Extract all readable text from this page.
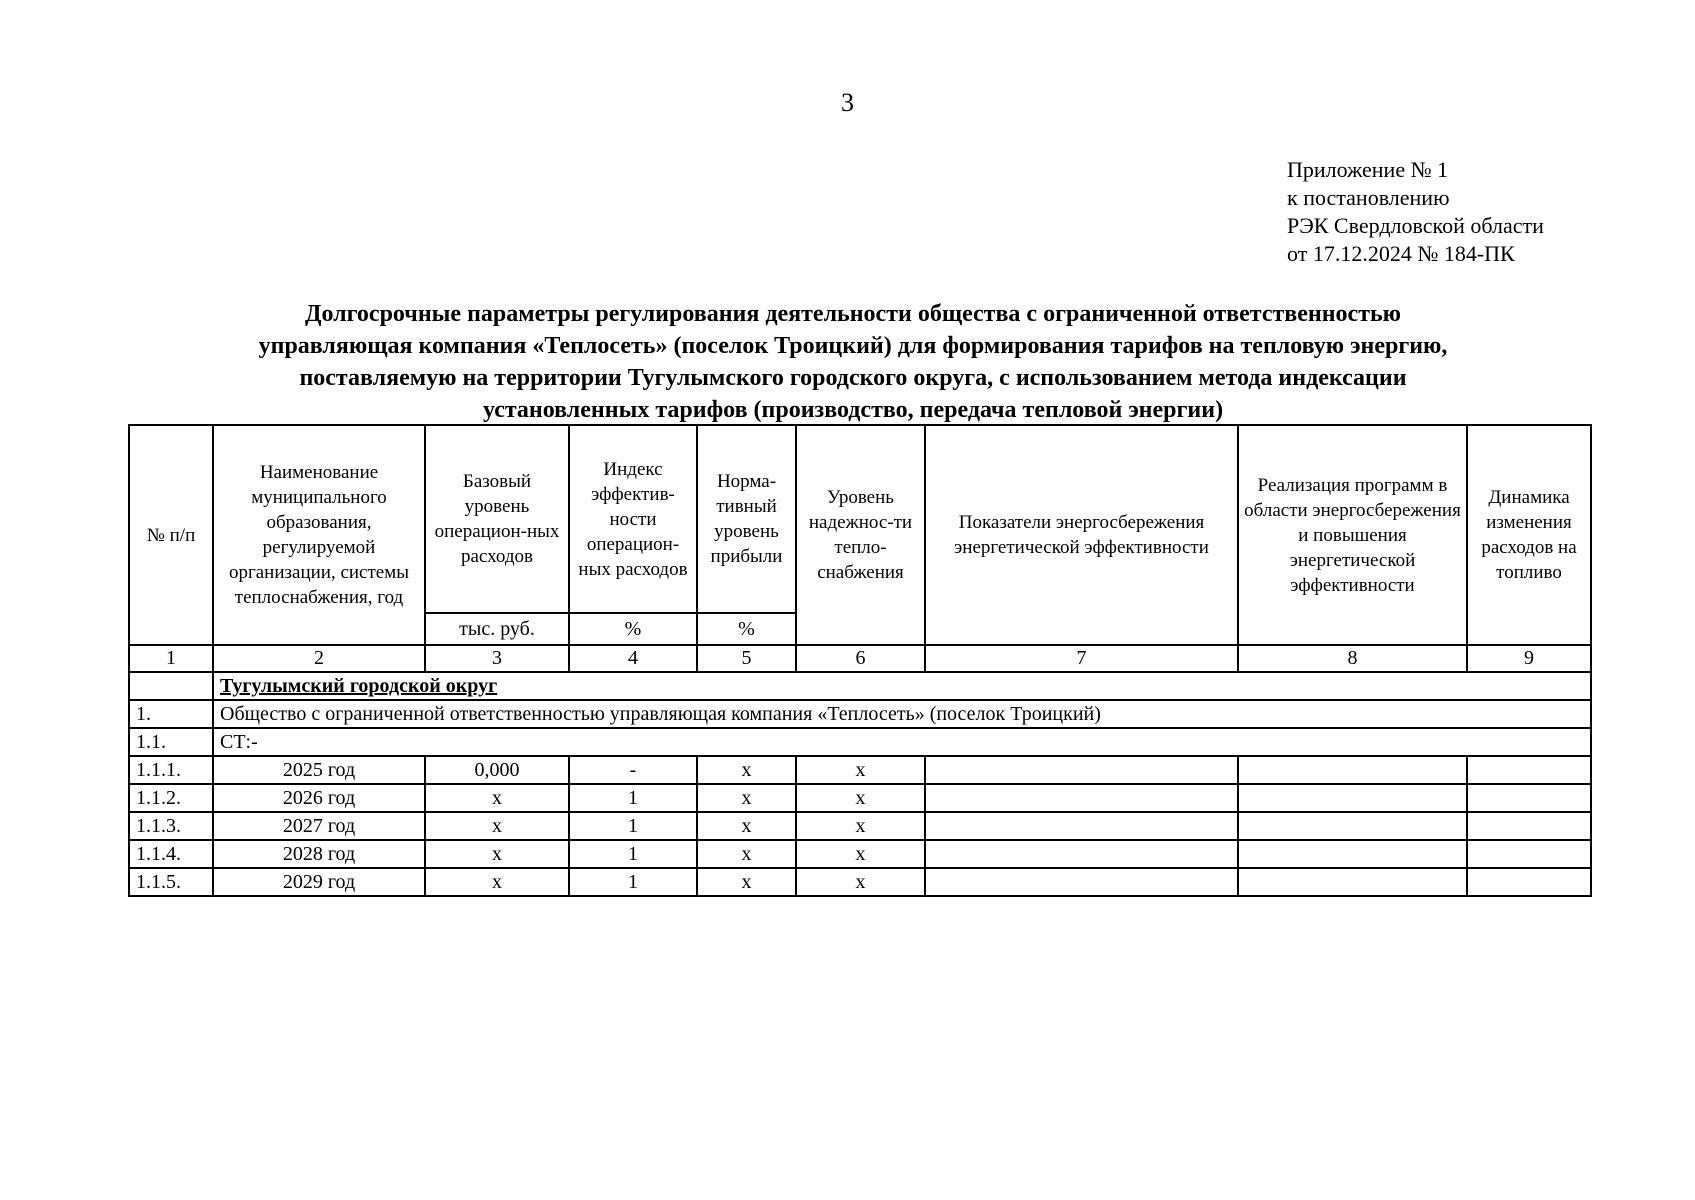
3
Приложение № 1
к постановлению
РЭК Свердловской области
от 17.12.2024 № 184-ПК
Долгосрочные параметры регулирования деятельности общества с ограниченной ответственностью
управляющая компания «Теплосеть» (поселок Троицкий) для формирования тарифов на тепловую энергию,
поставляемую на территории Тугулымского городского округа, с использованием метода индексации
установленных тарифов (производство, передача тепловой энергии)
№ п/п	Наименование муниципального образования, регулируемой организации, системы теплоснабжения, год	Базовый уровень операцион-ных расходов	Индекс эффектив-ности операцион-ных расходов	Норма-тивный уровень прибыли	Уровень надежнос-ти тепло-снабжения	Показатели энергосбережения энергетической эффективности	Реализация программ в области энергосбережения и повышения энергетической эффективности	Динамика изменения расходов на топливо
		тыс. руб.	%	%				
1	2	3	4	5	6	7	8	9
	Тугулымский городской округ							
1.	Общество с ограниченной ответственностью управляющая компания «Теплосеть» (поселок Троицкий)							
1.1.	СТ:-							
1.1.1.	2025 год	0,000	-	x	x			
1.1.2.	2026 год	x	1	x	x			
1.1.3.	2027 год	x	1	x	x			
1.1.4.	2028 год	x	1	x	x			
1.1.5.	2029 год	x	1	x	x			
